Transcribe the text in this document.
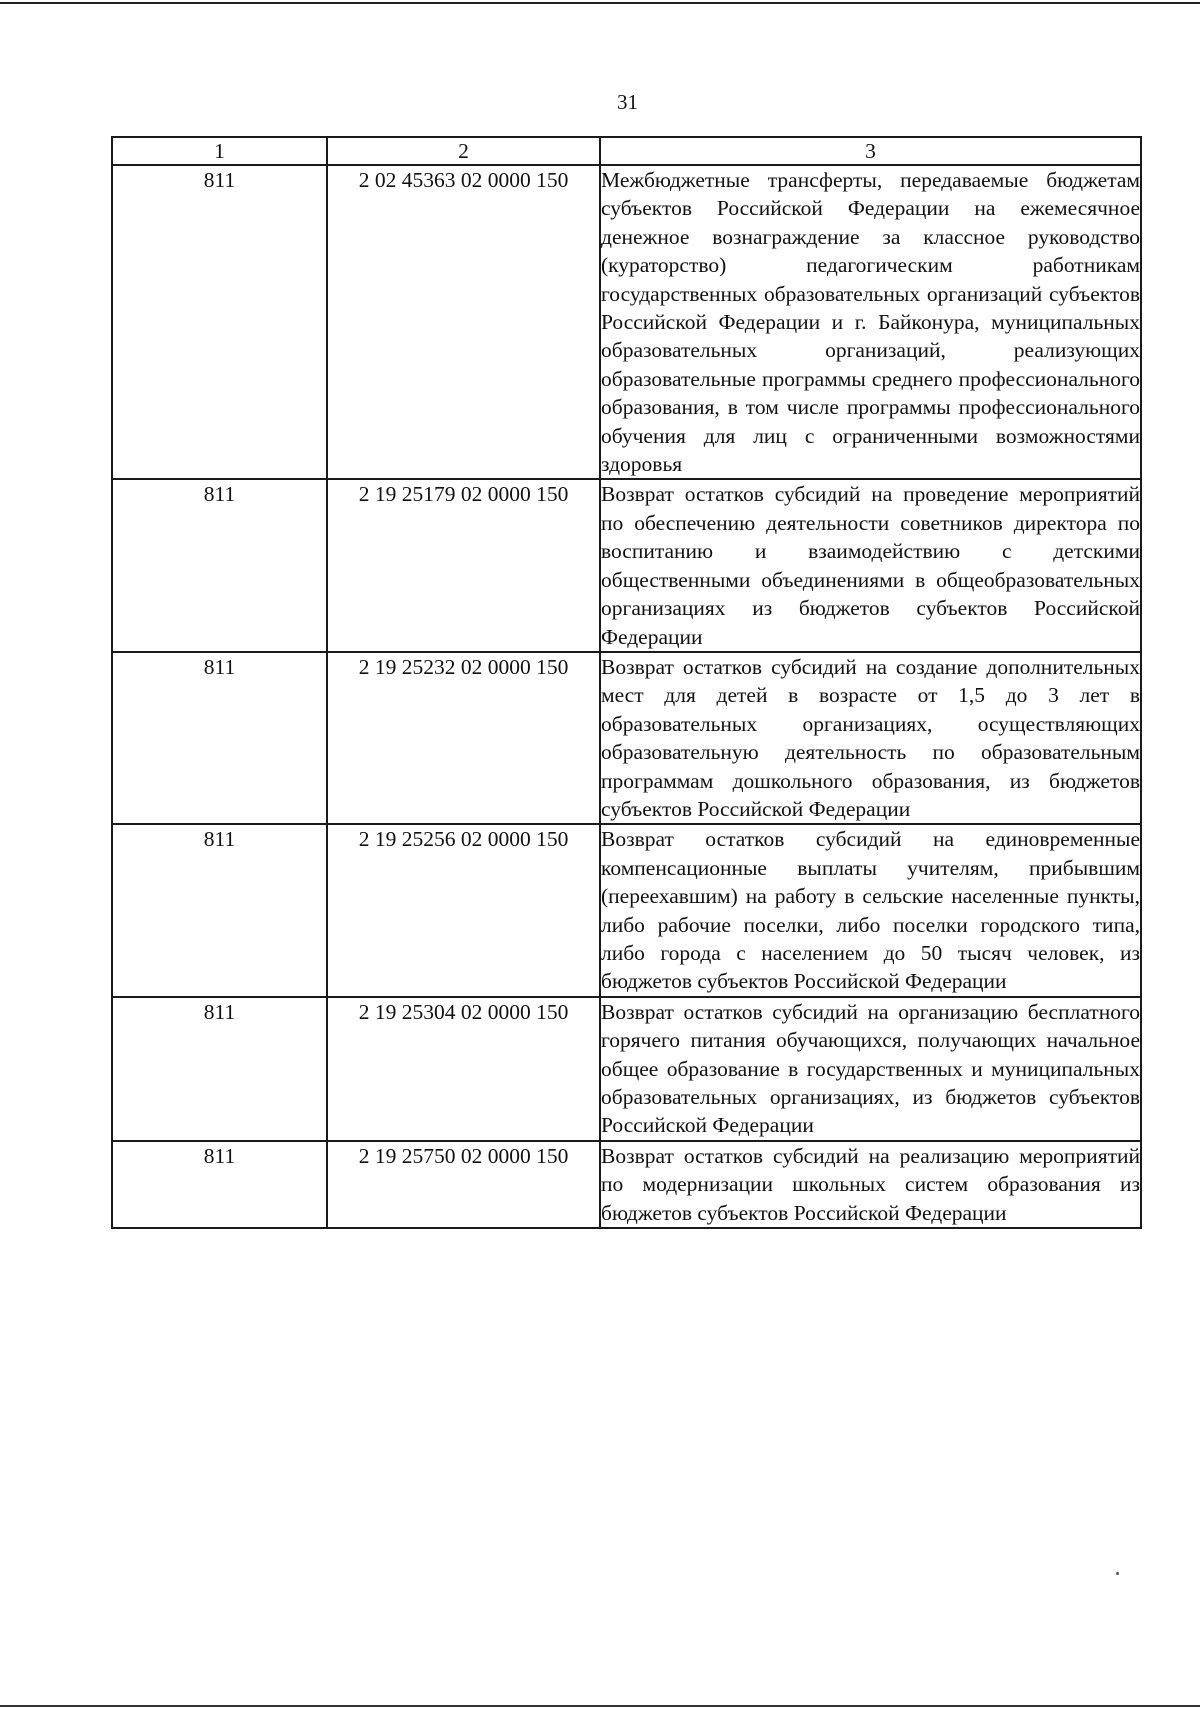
31
1	2	3
811	2 02 45363 02 0000 150	Межбюджетные трансферты, передаваемые бюджетам субъектов Российской Федерации на ежемесячное денежное вознаграждение за классное руководство (кураторство) педагогическим работникам государственных образовательных организаций субъектов Российской Федерации и г. Байконура, муниципальных образовательных организаций, реализующих образовательные программы среднего профессионального образования, в том числе программы профессионального обучения для лиц с ограниченными возможностями здоровья
811	2 19 25179 02 0000 150	Возврат остатков субсидий на проведение мероприятий по обеспечению деятельности советников директора по воспитанию и взаимодействию с детскими общественными объединениями в общеобразовательных организациях из бюджетов субъектов Российской Федерации
811	2 19 25232 02 0000 150	Возврат остатков субсидий на создание дополнительных мест для детей в возрасте от 1,5 до 3 лет в образовательных организациях, осуществляющих образовательную деятельность по образовательным программам дошкольного образования, из бюджетов субъектов Российской Федерации
811	2 19 25256 02 0000 150	Возврат остатков субсидий на единовременные компенсационные выплаты учителям, прибывшим (переехавшим) на работу в сельские населенные пункты, либо рабочие поселки, либо поселки городского типа, либо города с населением до 50 тысяч человек, из бюджетов субъектов Российской Федерации
811	2 19 25304 02 0000 150	Возврат остатков субсидий на организацию бесплатного горячего питания обучающихся, получающих начальное общее образование в государственных и муниципальных образовательных организациях, из бюджетов субъектов Российской Федерации
811	2 19 25750 02 0000 150	Возврат остатков субсидий на реализацию мероприятий по модернизации школьных систем образования из бюджетов субъектов Российской Федерации
